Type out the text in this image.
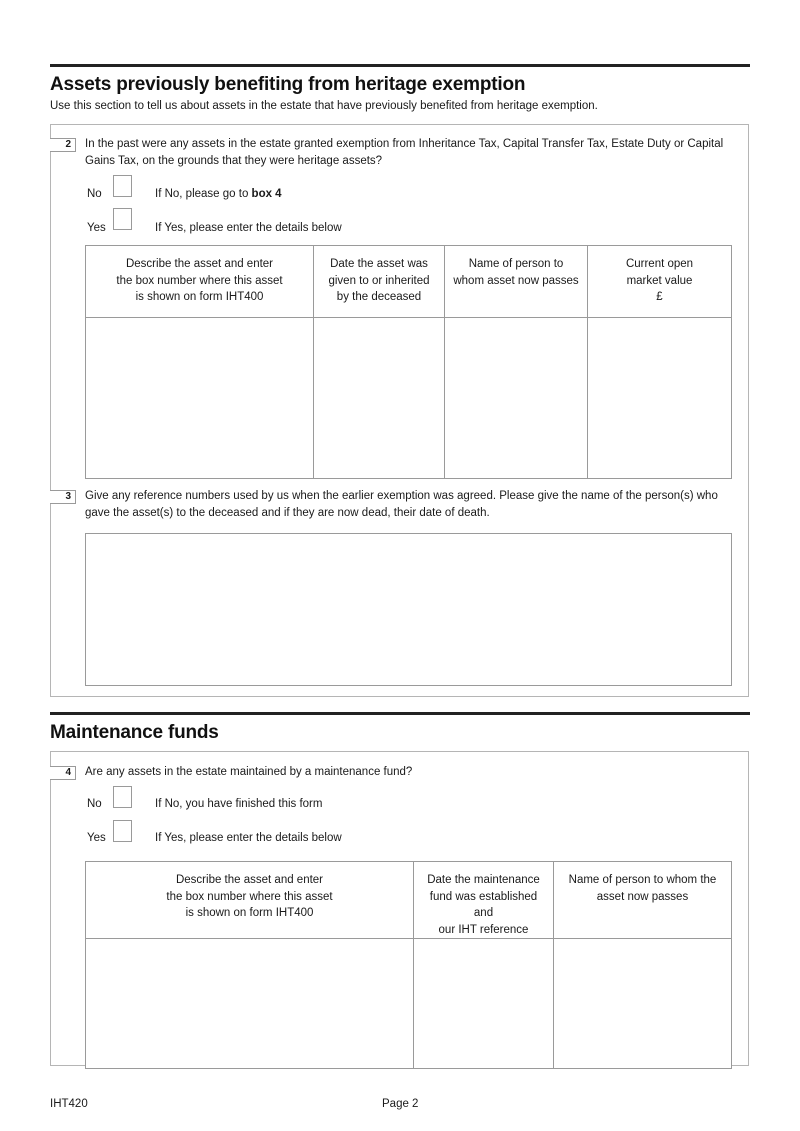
Assets previously benefiting from heritage exemption
Use this section to tell us about assets in the estate that have previously benefited from heritage exemption.
2	In the past were any assets in the estate granted exemption from Inheritance Tax, Capital Transfer Tax, Estate Duty or Capital Gains Tax, on the grounds that they were heritage assets?
No	If No, please go to box 4
Yes	If Yes, please enter the details below
Describe the asset and enter
the box number where this asset
is shown on form IHT400	Date the asset was
given to or inherited
by the deceased	Name of person to
whom asset now passes	Current open
market value
£

3	Give any reference numbers used by us when the earlier exemption was agreed. Please give the name of the person(s) who gave the asset(s) to the deceased and if they are now dead, their date of death.
Maintenance funds
4	Are any assets in the estate maintained by a maintenance fund?
No	If No, you have finished this form
Yes	If Yes, please enter the details below
Describe the asset and enter
the box number where this asset
is shown on form IHT400	Date the maintenance
fund was established and
our IHT reference	Name of person to whom the
asset now passes

IHT420	Page 2
